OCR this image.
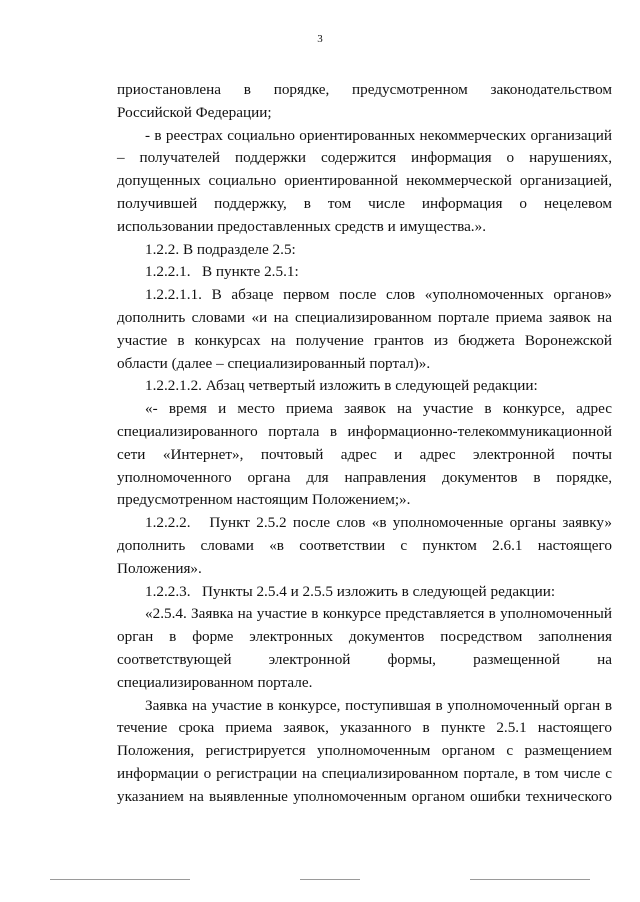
3

приостановлена в порядке, предусмотренном законодательством Российской Федерации;

- в реестрах социально ориентированных некоммерческих организаций – получателей поддержки содержится информация о нарушениях, допущенных социально ориентированной некоммерческой организацией, получившей поддержку, в том числе информация о нецелевом использовании предоставленных средств и имущества.».

1.2.2. В подразделе 2.5:

1.2.2.1.   В пункте 2.5.1:

1.2.2.1.1. В абзаце первом после слов «уполномоченных органов» дополнить словами «и на специализированном портале приема заявок на участие в конкурсах на получение грантов из бюджета Воронежской области (далее – специализированный портал)».

1.2.2.1.2. Абзац четвертый изложить в следующей редакции:

«- время и место приема заявок на участие в конкурсе, адрес специализированного портала в информационно-телекоммуникационной сети «Интернет», почтовый адрес и адрес электронной почты уполномоченного органа для направления документов в порядке, предусмотренном настоящим Положением;».

1.2.2.2.   Пункт 2.5.2 после слов «в уполномоченные органы заявку» дополнить словами «в соответствии с пунктом 2.6.1 настоящего Положения».

1.2.2.3.   Пункты 2.5.4 и 2.5.5 изложить в следующей редакции:

«2.5.4. Заявка на участие в конкурсе представляется в уполномоченный орган в форме электронных документов посредством заполнения соответствующей электронной формы, размещенной на специализированном портале.

Заявка на участие в конкурсе, поступившая в уполномоченный орган в течение срока приема заявок, указанного в пункте 2.5.1 настоящего Положения, регистрируется уполномоченным органом с размещением информации о регистрации на специализированном портале, в том числе с указанием на выявленные уполномоченным органом ошибки технического
